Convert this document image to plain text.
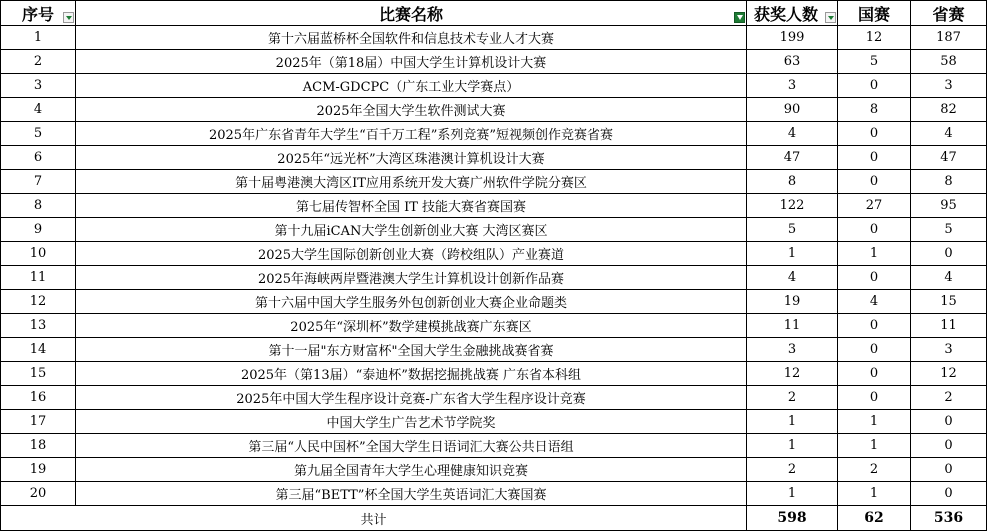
序号	比赛名称	获奖人数	国赛	省赛
1	第十六届蓝桥杯全国软件和信息技术专业人才大赛	199	12	187
2	2025年（第18届）中国大学生计算机设计大赛	63	5	58
3	ACM-GDCPC（广东工业大学赛点）	3	0	3
4	2025年全国大学生软件测试大赛	90	8	82
5	2025年广东省青年大学生“百千万工程”系列竞赛”短视频创作竞赛省赛	4	0	4
6	2025年“远光杯”大湾区珠港澳计算机设计大赛	47	0	47
7	第十届粤港澳大湾区IT应用系统开发大赛广州软件学院分赛区	8	0	8
8	第七届传智杯全国 IT 技能大赛省赛国赛	122	27	95
9	第十九届iCAN大学生创新创业大赛 大湾区赛区	5	0	5
10	2025大学生国际创新创业大赛（跨校组队）产业赛道	1	1	0
11	2025年海峡两岸暨港澳大学生计算机设计创新作品赛	4	0	4
12	第十六届中国大学生服务外包创新创业大赛企业命题类	19	4	15
13	2025年“深圳杯”数学建模挑战赛广东赛区	11	0	11
14	第十一届"东方财富杯"全国大学生金融挑战赛省赛	3	0	3
15	2025年（第13届）“泰迪杯”数据挖掘挑战赛 广东省本科组	12	0	12
16	2025年中国大学生程序设计竞赛-广东省大学生程序设计竞赛	2	0	2
17	中国大学生广告艺术节学院奖	1	1	0
18	第三届“人民中国杯”全国大学生日语词汇大赛公共日语组	1	1	0
19	第九届全国青年大学生心理健康知识竞赛	2	2	0
20	第三届“BETT”杯全国大学生英语词汇大赛国赛	1	1	0
共计		598	62	536
